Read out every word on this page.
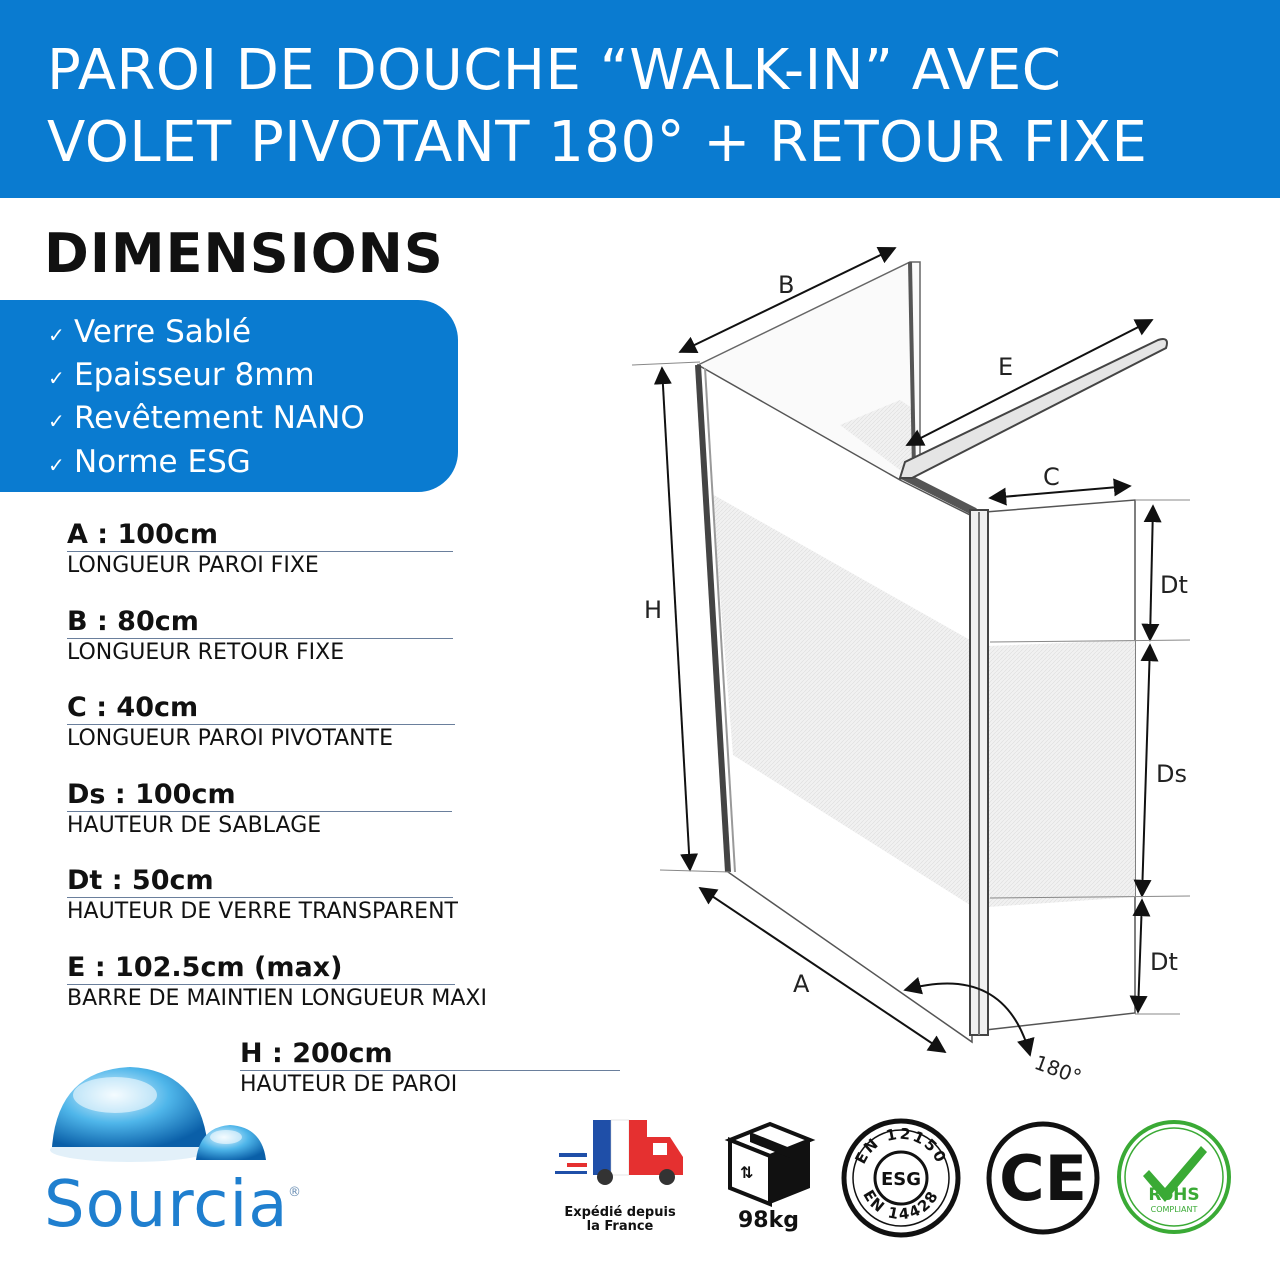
PAROI DE DOUCHE “WALK-IN” AVEC
VOLET PIVOTANT 180° + RETOUR FIXE
DIMENSIONS
✓ Verre Sablé
✓ Epaisseur 8mm
✓ Revêtement NANO
✓ Norme ESG
A : 100cm
LONGUEUR PAROI FIXE
B : 80cm
LONGUEUR RETOUR FIXE
C : 40cm
LONGUEUR PAROI PIVOTANTE
Ds : 100cm
HAUTEUR DE SABLAGE
Dt : 50cm
HAUTEUR DE VERRE TRANSPARENT
E : 102.5cm (max)
BARRE DE MAINTIEN LONGUEUR MAXI
H : 200cm
HAUTEUR DE PAROI
B
E
C
H
A
Dt
Ds
Dt
180°
Sourcia ®
Expédié depuis
la France
⇅
98kg
EN 12150
EN 14428
ESG CE	RoHS
COMPLIANT
